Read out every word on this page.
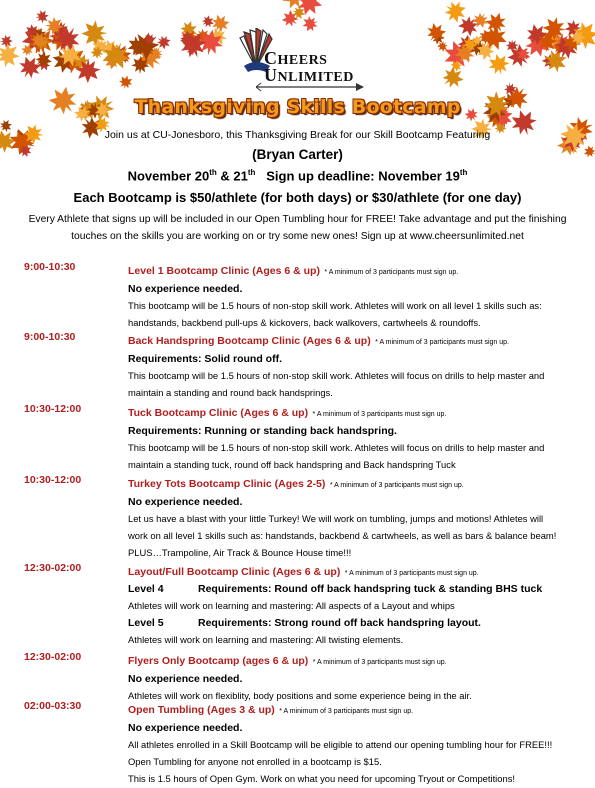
CHEERS
UNLIMITED
Thanksgiving Skills Bootcamp
Join us at CU-Jonesboro, this Thanksgiving Break for our Skill Bootcamp Featuring
(Bryan Carter)
November 20th & 21th   Sign up deadline: November 19th
Each Bootcamp is $50/athlete (for both days) or $30/athlete (for one day)
Every Athlete that signs up will be included in our Open Tumbling hour for FREE! Take advantage and put the finishing
touches on the skills you are working on or try some new ones! Sign up at www.cheersunlimited.net
9:00-10:30	Level 1 Bootcamp Clinic (Ages 6 & up) * A minimum of 3 participants must sign up.
No experience needed.
This bootcamp will be 1.5 hours of non-stop skill work. Athletes will work on all level 1 skills such as:
handstands, backbend pull-ups & kickovers, back walkovers, cartwheels & roundoffs.
9:00-10:30	Back Handspring Bootcamp Clinic (Ages 6 & up) * A minimum of 3 participants must sign up.
Requirements: Solid round off.
This bootcamp will be 1.5 hours of non-stop skill work. Athletes will focus on drills to help master and
maintain a standing and round back handsprings.
10:30-12:00	Tuck Bootcamp Clinic (Ages 6 & up) * A minimum of 3 participants must sign up.
Requirements: Running or standing back handspring.
This bootcamp will be 1.5 hours of non-stop skill work. Athletes will focus on drills to help master and
maintain a standing tuck, round off back handspring and Back handspring Tuck
10:30-12:00	Turkey Tots Bootcamp Clinic (Ages 2-5) * A minimum of 3 participants must sign up.
No experience needed.
Let us have a blast with your little Turkey! We will work on tumbling, jumps and motions! Athletes will
work on all level 1 skills such as: handstands, backbend & cartwheels, as well as bars & balance beam!
PLUS…Trampoline, Air Track & Bounce House time!!!
12:30-02:00	Layout/Full Bootcamp Clinic (Ages 6 & up) * A minimum of 3 participants must sign up.
Level 4	Requirements: Round off back handspring tuck & standing BHS tuck
Athletes will work on learning and mastering: All aspects of a Layout and whips
Level 5	Requirements: Strong round off back handspring layout.
Athletes will work on learning and mastering: All twisting elements.
12:30-02:00	Flyers Only Bootcamp (ages 6 & up) * A minimum of 3 participants must sign up.
No experience needed.
Athletes will work on flexiblity, body positions and some experience being in the air.
02:00-03:30	Open Tumbling (Ages 3 & up) * A minimum of 3 participants must sign up.
No experience needed.
All athletes enrolled in a Skill Bootcamp will be eligible to attend our opening tumbling hour for FREE!!!
Open Tumbling for anyone not enrolled in a bootcamp is $15.
This is 1.5 hours of Open Gym. Work on what you need for upcoming Tryout or Competitions!
